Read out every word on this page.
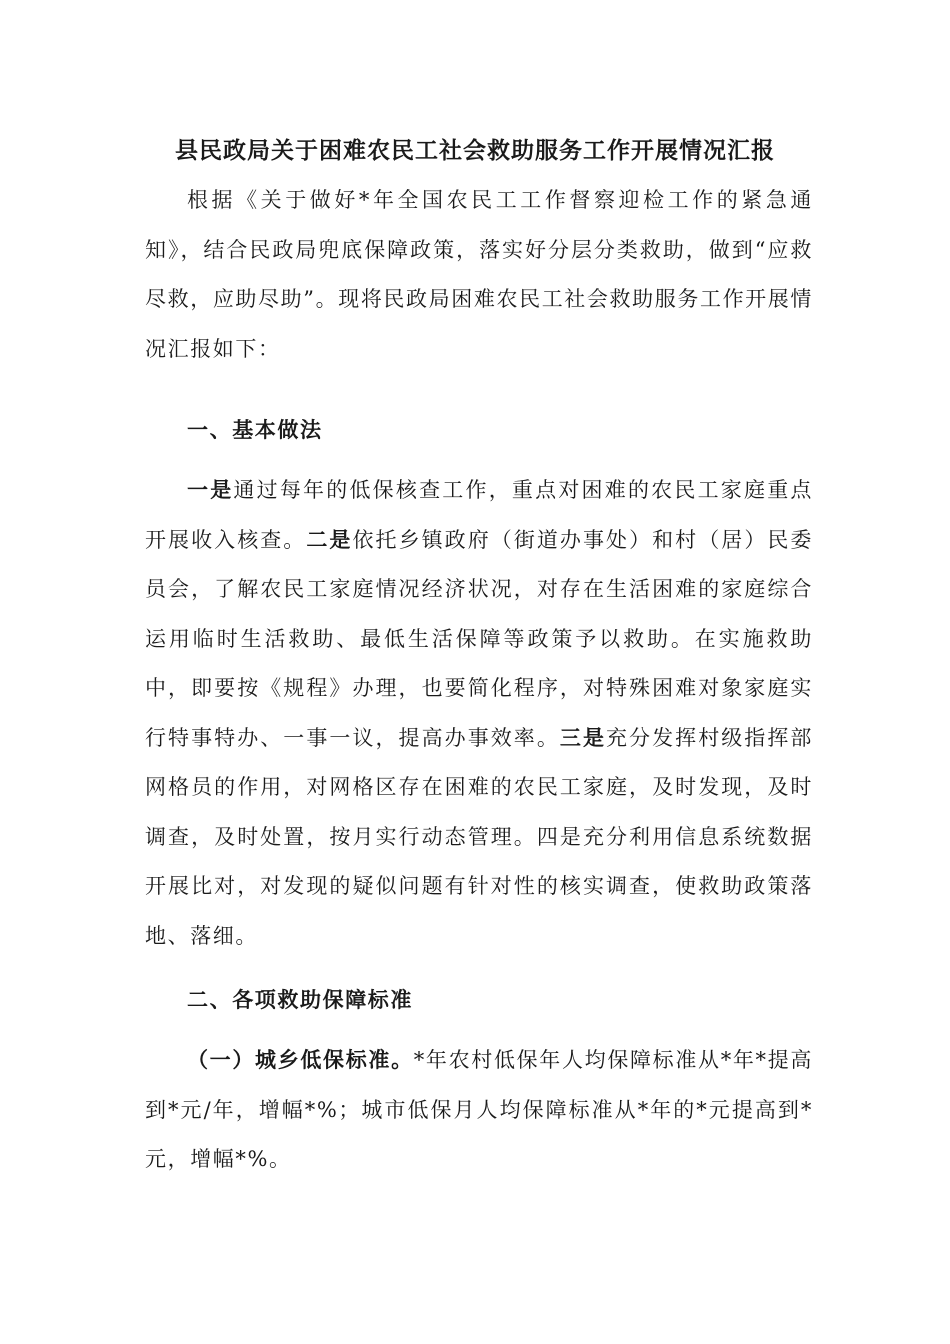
县民政局关于困难农民工社会救助服务工作开展情况汇报

根据《关于做好*年全国农民工工作督察迎检工作的紧急通知》，结合民政局兜底保障政策，落实好分层分类救助，做到“应救尽救，应助尽助”。现将民政局困难农民工社会救助服务工作开展情况汇报如下：

一、基本做法

一是通过每年的低保核查工作，重点对困难的农民工家庭重点开展收入核查。二是依托乡镇政府（街道办事处）和村（居）民委员会，了解农民工家庭情况经济状况，对存在生活困难的家庭综合运用临时生活救助、最低生活保障等政策予以救助。在实施救助中，即要按《规程》办理，也要简化程序，对特殊困难对象家庭实行特事特办、一事一议，提高办事效率。三是充分发挥村级指挥部网格员的作用，对网格区存在困难的农民工家庭，及时发现，及时调查，及时处置，按月实行动态管理。四是充分利用信息系统数据开展比对，对发现的疑似问题有针对性的核实调查，使救助政策落地、落细。

二、各项救助保障标准

（一）城乡低保标准。*年农村低保年人均保障标准从*年*提高到*元/年，增幅*%；城市低保月人均保障标准从*年的*元提高到*元，增幅*%。
